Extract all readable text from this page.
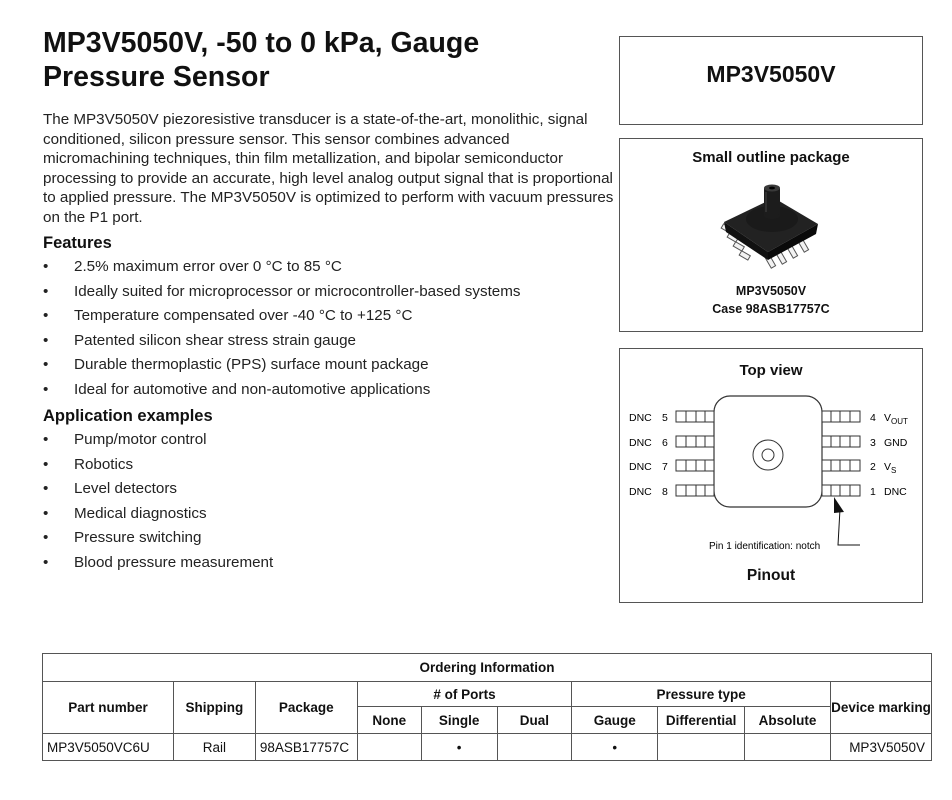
MP3V5050V, -50 to 0 kPa, Gauge Pressure Sensor

The MP3V5050V piezoresistive transducer is a state-of-the-art, monolithic, signal conditioned, silicon pressure sensor. This sensor combines advanced micromachining techniques, thin film metallization, and bipolar semiconductor processing to provide an accurate, high level analog output signal that is proportional to applied pressure. The MP3V5050V is optimized to perform with vacuum pressures on the P1 port.

Features
• 2.5% maximum error over 0 °C to 85 °C
• Ideally suited for microprocessor or microcontroller-based systems
• Temperature compensated over -40 °C to +125 °C
• Patented silicon shear stress strain gauge
• Durable thermoplastic (PPS) surface mount package
• Ideal for automotive and non-automotive applications
Application examples
• Pump/motor control
• Robotics
• Level detectors
• Medical diagnostics
• Pressure switching
• Blood pressure measurement
MP3V5050V
Small outline package
MP3V5050V
Case 98ASB17757C
Top view
DNC 5
DNC 6
DNC 7
DNC 8
4 $V_{OUT}$
3 GND
2 $V_S$
1 DNC
Pin 1 identification: notch
Pinout
Ordering Information									
Part number	Shipping	Package	# of Ports			Pressure type			Device marking
			None	Single	Dual	Gauge	Differential	Absolute	
MP3V5050VC6U	Rail	98ASB17757C		•		•			MP3V5050V
